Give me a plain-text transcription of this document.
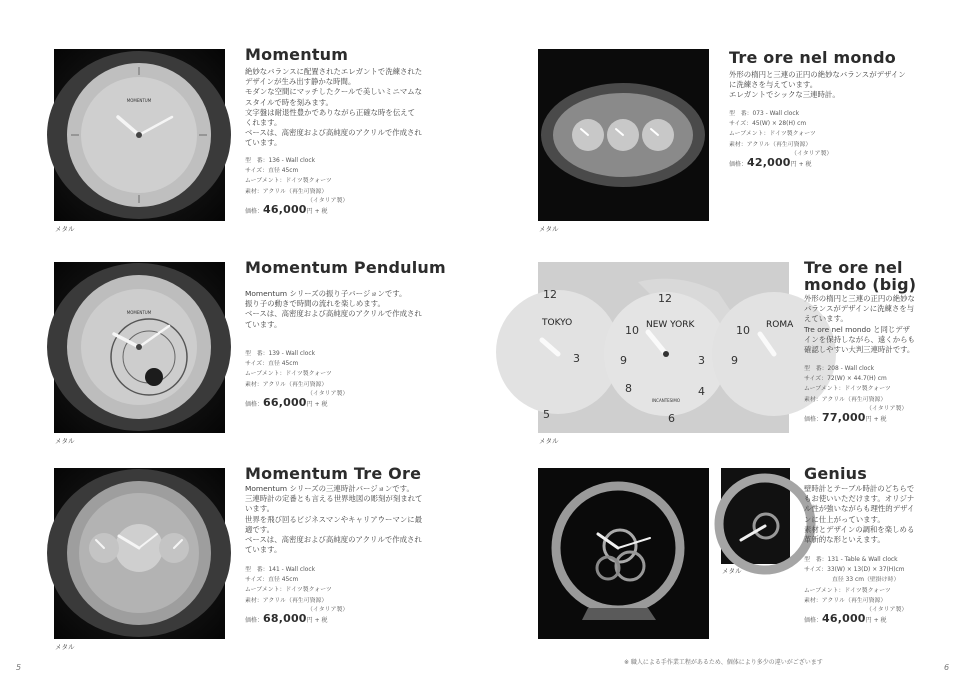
MOMENTUM
メタル
Momentum

絶妙なバランスに配置されたエレガントで洗練された
デザインが生み出す静かな時間。
モダンな空間にマッチしたクールで美しいミニマムな
スタイルで時を刻みます。
文字盤は耐退性豊かでありながら正確な時を伝えて
くれます。
ベースは、高密度および高純度のアクリルで作成され
ています。

型　番：136 - Wall clock
サイズ：直径 45cm
ムーブメント：ドイツ製クォーツ
素材：アクリル（再生可資源）
（イタリア製）
価格：46,000円 + 税
MOMENTUM
メタル
Momentum Pendulum

Momentum シリーズの振り子バージョンです。
振り子の動きで時間の流れを楽しめます。
ベースは、高密度および高純度のアクリルで作成され
ています。

型　番：139 - Wall clock
サイズ：直径 45cm
ムーブメント：ドイツ製クォーツ
素材：アクリル（再生可資源）
（イタリア製）
価格：66,000円 + 税
メタル
Momentum Tre Ore

Momentum シリーズの三連時計バージョンです。
三連時計の定番とも言える世界地図の彫刻が刻まれて
います。
世界を飛び回るビジネスマンやキャリアウーマンに最
適です。
ベースは、高密度および高純度のアクリルで作成され
ています。

型　番：141 - Wall clock
サイズ：直径 45cm
ムーブメント：ドイツ製クォーツ
素材：アクリル（再生可資源）
（イタリア製）
価格：68,000円 + 税
5
メタル
Tre ore nel mondo

外形の楕円と三連の正円の絶妙なバランスがデザイン
に洗練さを与えています。
エレガントでシックな三連時計。

型　番：073 - Wall clock
サイズ：45(W) × 28(H) cm
ムーブメント：ドイツ製クォーツ
素材：アクリル（再生可資源）
（イタリア製）
価格：42,000円 + 税
TOKYO	NEW YORK	ROMA
INCANTESIMO
12
3
5
12
10
9	3
4
6
8
10
9
メタル
Tre ore nel
mondo (big)

外形の楕円と三連の正円の絶妙な
バランスがデザインに洗練さを与
えています。
Tre ore nel mondo と同じデザ
インを保持しながら、遠くからも
確認しやすい大判三連時計です。

型　番：208 - Wall clock
サイズ：72(W) × 44.7(H) cm
ムーブメント：ドイツ製クォーツ
素材：アクリル（再生可資源）
（イタリア製）
価格：77,000円 + 税
メタル
Genius

壁時計とテーブル時計のどちらで
もお使いいただけます。オリジナ
ル性が強いながらも理性的デザイ
ンに仕上がっています。
素材とデザインの調和を楽しめる
革新的な形といえます。

型　番：131 - Table & Wall clock
サイズ：33(W) × 13(D) × 37(H)cm
直径 33 cm（壁掛け時）
ムーブメント：ドイツ製クォーツ
素材：アクリル（再生可資源）
（イタリア製）
価格：46,000円 + 税
※ 職人による手作業工程があるため、個体により多少の違いがございます
6
